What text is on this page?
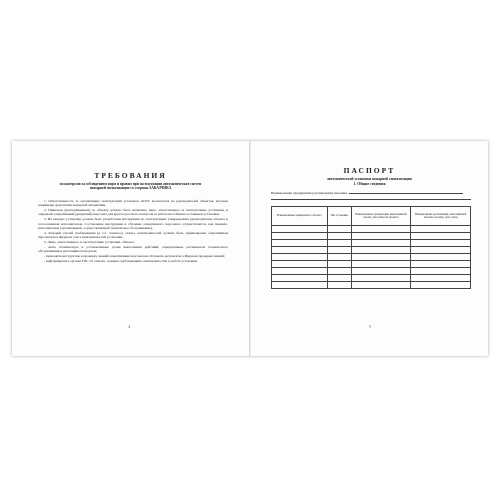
ТРЕБОВАНИЯ
по контролю за соблюдением норм и правил при эксплуатации автоматических систем пожарной сигнализации со стороны ЗАКАЗЧИКА

1. Ответственность за организацию эксплуатации установок АСПС возлагается на руководителей объектов, которые защищены средствами пожарной автоматики.

2. Приказом (распоряжением) по объекту должно быть назначено лицо, ответственное за эксплуатацию установки, и определен оперативный (дежурный) персонал для круглосуточного контроля за работоспособным состоянием установки.

3. На каждую установку должна быть разработана инструкция по эксплуатации, утвержденная руководителем объекта и согласованная исполнителем. Составление инструкции и обучение оперативного персонала осуществляется, как правило, исполнителем (организацией, осуществляющей техническое обслуживание).

4. Каждый случай срабатывания (в т.ч. ложного), отказа, неисправностей должен быть зафиксирован оперативным персоналом в Журнале учета неисправностей установки.

5. Лицо, ответственное за эксплуатацию установки, обязано:

- знать техническую и установленные сроки выполнения действий, определенные регламентом технического обслуживания и настоящим паспортом;

- проводить инструктаж и проверку знаний оперативным персоналом. Отражать результаты в Журнале проверки знаний;

- информировать органы ГПС об отказах, ложных срабатываниях, неисправностях в работе установки.

4
ПАСПОРТ
автоматической установки пожарной сигнализации
1. Общие сведения
Наименование предприятия (организации) заказчика
Наименование защищаемого объекта	Тип установки	Наименование организации, выполнившей проект, дата выпуска проекта	Наименование организации, выполнившей монтаж, наладку, дата сдачи

5
